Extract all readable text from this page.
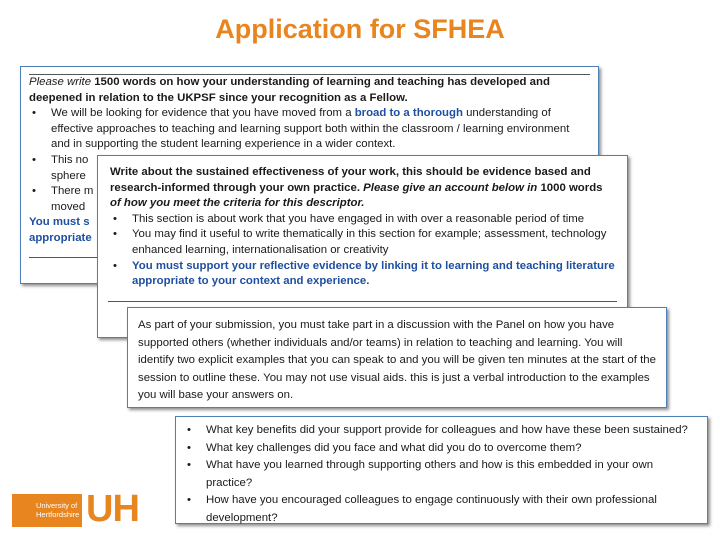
Application for SFHEA

Please write 1500 words on how your understanding of learning and teaching has developed and deepened in relation to the UKPSF since your recognition as a Fellow.

• We will be looking for evidence that you have moved from a broad to a thorough understanding of effective approaches to teaching and learning support both within the classroom / learning environment and in supporting the student learning experience in a wider context.
• This no
sphere
• There m
moved

You must s
appropriate

Write about the sustained effectiveness of your work, this should be evidence based and research-informed through your own practice. Please give an account below in 1000 words of how you meet the criteria for this descriptor.

• This section is about work that you have engaged in with over a reasonable period of time
• You may find it useful to write thematically in this section for example; assessment, technology enhanced learning, internationalisation or creativity
• You must support your reflective evidence by linking it to learning and teaching literature appropriate to your context and experience.

As part of your submission, you must take part in a discussion with the Panel on how you have supported others (whether individuals and/or teams) in relation to teaching and learning. You will identify two explicit examples that you can speak to and you will be given ten minutes at the start of the session to outline these. You may not use visual aids. this is just a verbal introduction to the examples you will base your answers on.

• What key benefits did your support provide for colleagues and how have these been sustained?
• What key challenges did you face and what did you do to overcome them?
• What have you learned through supporting others and how is this embedded in your own practice?
• How have you encouraged colleagues to engage continuously with their own professional development?
University of
Hertfordshire UH
